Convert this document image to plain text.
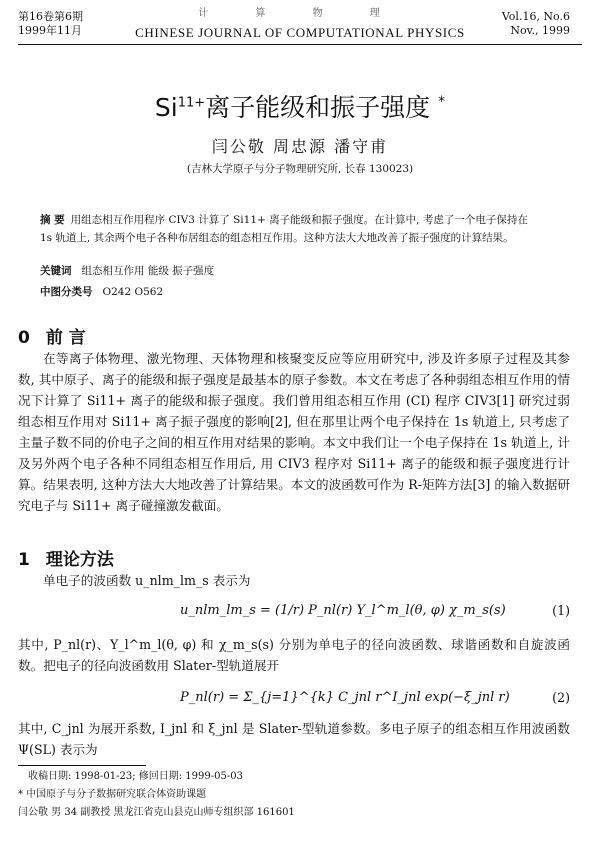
第16卷第6期
1999年11月
计 算 物 理
CHINESE JOURNAL OF COMPUTATIONAL PHYSICS
Vol.16, No.6
Nov., 1999
$Si^{11+}$离子能级和振子强度 *
闫公敬 周忠源 潘守甫
(吉林大学原子与分子物理研究所, 长春 130023)
摘 要 用组态相互作用程序 CIV3 计算了 Si11+ 离子能级和振子强度。在计算中, 考虑了一个电子保持在 1s 轨道上, 其余两个电子各种布居组态的组态相互作用。这种方法大大地改善了振子强度的计算结果。
关键词 组态相互作用 能级 振子强度
中图分类号 O242 O562
0 前 言
在等离子体物理、激光物理、天体物理和核聚变反应等应用研究中, 涉及许多原子过程及其参数, 其中原子、离子的能级和振子强度是最基本的原子参数。本文在考虑了各种弱组态相互作用的情况下计算了 Si11+ 离子的能级和振子强度。我们曾用组态相互作用 (CI) 程序 CIV3[1] 研究过弱组态相互作用对 Si11+ 离子振子强度的影响[2], 但在那里让两个电子保持在 1s 轨道上, 只考虑了主量子数不同的价电子之间的相互作用对结果的影响。本文中我们让一个电子保持在 1s 轨道上, 计及另外两个电子各种不同组态相互作用后, 用 CIV3 程序对 Si11+ 离子的能级和振子强度进行计算。结果表明, 这种方法大大地改善了计算结果。本文的波函数可作为 R-矩阵方法[3] 的输入数据研究电子与 Si11+ 离子碰撞激发截面。
1 理论方法
单电子的波函数 u_nlm_lm_s 表示为
u_nlm_lm_s = (1/r) P_nl(r) Y_l^m_l(θ, φ) χ_m_s(s)	(1)
其中, P_nl(r)、Y_l^m_l(θ, φ) 和 χ_m_s(s) 分别为单电子的径向波函数、球谐函数和自旋波函数。把电子的径向波函数用 Slater-型轨道展开
P_nl(r) = Σ_{j=1}^{k} C_jnl r^I_jnl exp(−ξ_jnl r)	(2)
其中, C_jnl 为展开系数, I_jnl 和 ξ_jnl 是 Slater-型轨道参数。多电子原子的组态相互作用波函数 Ψ(SL) 表示为
收稿日期: 1998-01-23; 修回日期: 1999-05-03
* 中国原子与分子数据研究联合体资助课题
闫公敬 男 34 副教授 黑龙江省克山县克山师专组织部 161601
